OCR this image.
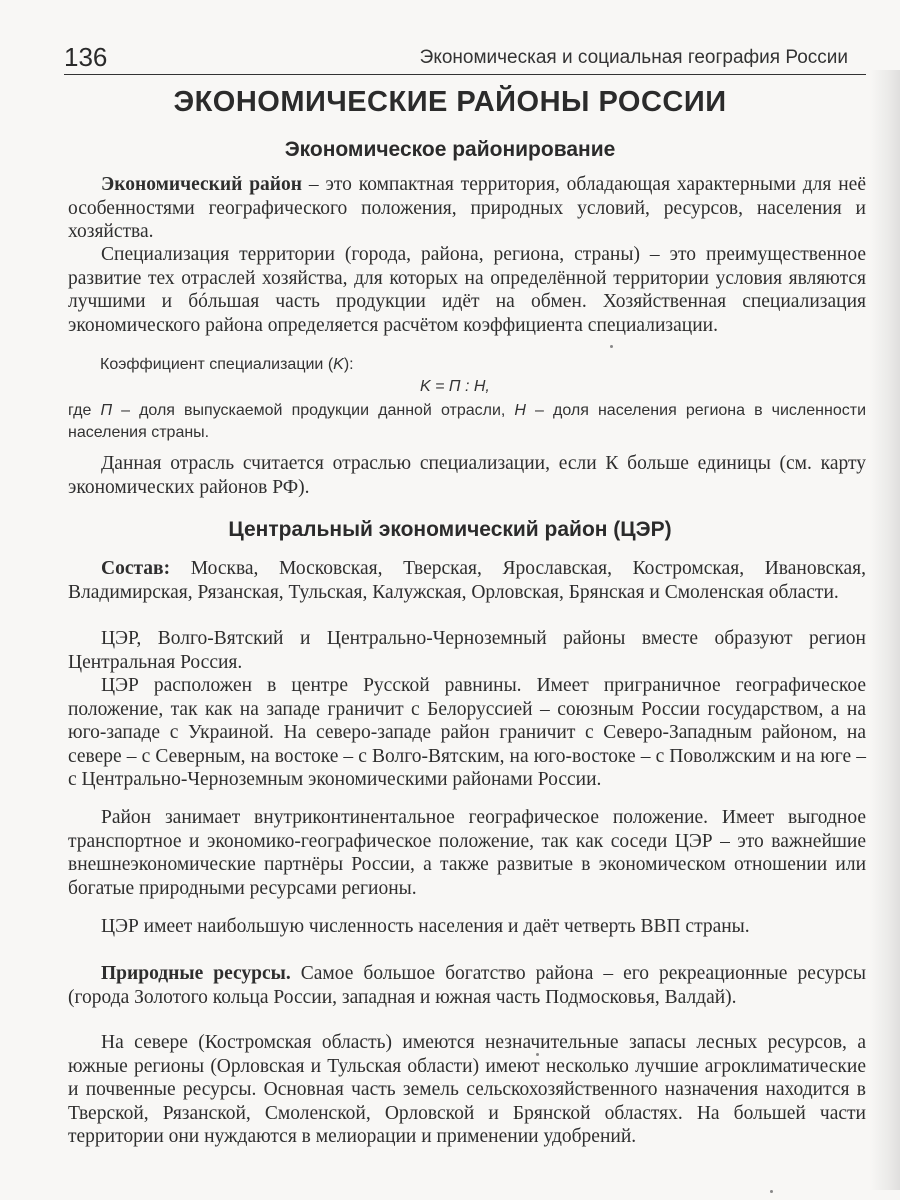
136	Экономическая и социальная география России
ЭКОНОМИЧЕСКИЕ РАЙОНЫ РОССИИ
Экономическое районирование

Экономический район – это компактная территория, обладающая характерными для неё особенностями географического положения, природных условий, ресурсов, населения и хозяйства.

Специализация территории (города, района, региона, страны) – это преимущественное развитие тех отраслей хозяйства, для которых на определённой территории условия являются лучшими и бóльшая часть продукции идёт на обмен. Хозяйственная специализация экономического района определяется расчётом коэффициента специализации.

Коэффициент специализации (K):

K = П : Н,

где П – доля выпускаемой продукции данной отрасли, Н – доля населения региона в численности населения страны.

Данная отрасль считается отраслью специализации, если К больше единицы (см. карту экономических районов РФ).

Центральный экономический район (ЦЭР)

Состав: Москва, Московская, Тверская, Ярославская, Костромская, Ивановская, Владимирская, Рязанская, Тульская, Калужская, Орловская, Брянская и Смоленская области.

ЦЭР, Волго-Вятский и Центрально-Черноземный районы вместе образуют регион Центральная Россия.

ЦЭР расположен в центре Русской равнины. Имеет приграничное географическое положение, так как на западе граничит с Белоруссией – союзным России государством, а на юго-западе с Украиной. На северо-западе район граничит с Северо-Западным районом, на севере – с Северным, на востоке – с Волго-Вятским, на юго-востоке – с Поволжским и на юге – с Центрально-Черноземным экономическими районами России.

Район занимает внутриконтинентальное географическое положение. Имеет выгодное транспортное и экономико-географическое положение, так как соседи ЦЭР – это важнейшие внешнеэкономические партнёры России, а также развитые в экономическом отношении или богатые природными ресурсами регионы.

ЦЭР имеет наибольшую численность населения и даёт четверть ВВП страны.

Природные ресурсы. Самое большое богатство района – его рекреационные ресурсы (города Золотого кольца России, западная и южная часть Подмосковья, Валдай).

На севере (Костромская область) имеются незначительные запасы лесных ресурсов, а южные регионы (Орловская и Тульская области) имеют несколько лучшие агроклиматические и почвенные ресурсы. Основная часть земель сельскохозяйственного назначения находится в Тверской, Рязанской, Смоленской, Орловской и Брянской областях. На большей части территории они нуждаются в мелиорации и применении удобрений.
